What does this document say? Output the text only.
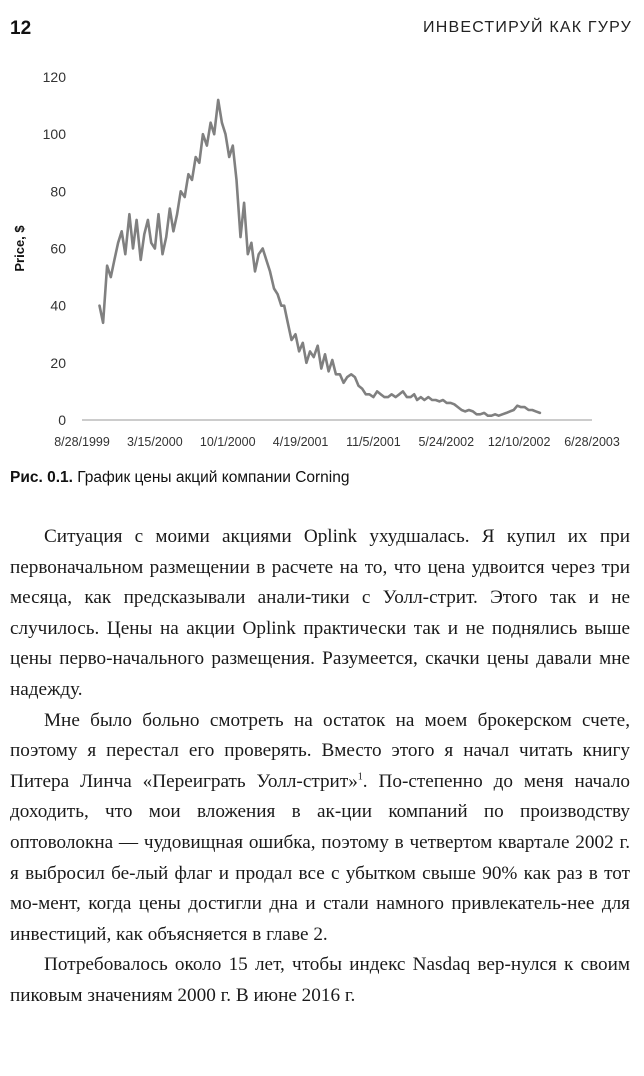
12	ИНВЕСТИРУЙ КАК ГУРУ
Price, $
0
20
40
60
80
100
120
8/28/1999 3/15/2000 10/1/2000 4/19/2001 11/5/2001 5/24/2002 12/10/2002 6/28/2003
Рис. 0.1. График цены акций компании Corning

Ситуация с моими акциями Oplink ухудшалась. Я купил их при первоначальном размещении в расчете на то, что цена удвоится через три месяца, как предсказывали анали-тики с Уолл-стрит. Этого так и не случилось. Цены на акции Oplink практически так и не поднялись выше цены перво-начального размещения. Разумеется, скачки цены давали мне надежду.

Мне было больно смотреть на остаток на моем брокерском счете, поэтому я перестал его проверять. Вместо этого я начал читать книгу Питера Линча «Переиграть Уолл-стрит»$^1$. По-степенно до меня начало доходить, что мои вложения в ак-ции компаний по производству оптоволокна — чудовищная ошибка, поэтому в четвертом квартале 2002 г. я выбросил бе-лый флаг и продал все с убытком свыше 90% как раз в тот мо-мент, когда цены достигли дна и стали намного привлекатель-нее для инвестиций, как объясняется в главе 2.

Потребовалось около 15 лет, чтобы индекс Nasdaq вер-нулся к своим пиковым значениям 2000 г. В июне 2016 г.
